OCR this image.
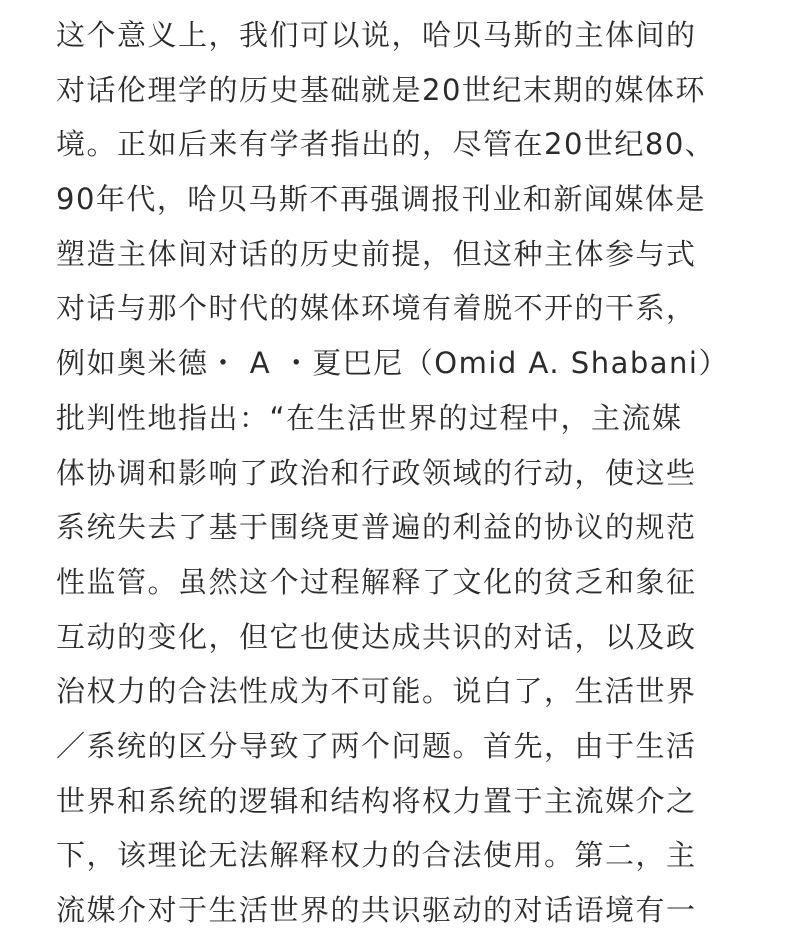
这个意义上，我们可以说，哈贝马斯的主体间的
对话伦理学的历史基础就是20世纪末期的媒体环
境。正如后来有学者指出的，尽管在20世纪80、
90年代，哈贝马斯不再强调报刊业和新闻媒体是
塑造主体间对话的历史前提，但这种主体参与式
对话与那个时代的媒体环境有着脱不开的干系，
例如奥米德・ A ・夏巴尼（Omid A. Shabani）
批判性地指出：“在生活世界的过程中，主流媒
体协调和影响了政治和行政领域的行动，使这些
系统失去了基于围绕更普遍的利益的协议的规范
性监管。虽然这个过程解释了文化的贫乏和象征
互动的变化，但它也使达成共识的对话，以及政
治权力的合法性成为不可能。说白了，生活世界
／系统的区分导致了两个问题。首先，由于生活
世界和系统的逻辑和结构将权力置于主流媒介之
下，该理论无法解释权力的合法使用。第二，主
流媒介对于生活世界的共识驱动的对话语境有一
